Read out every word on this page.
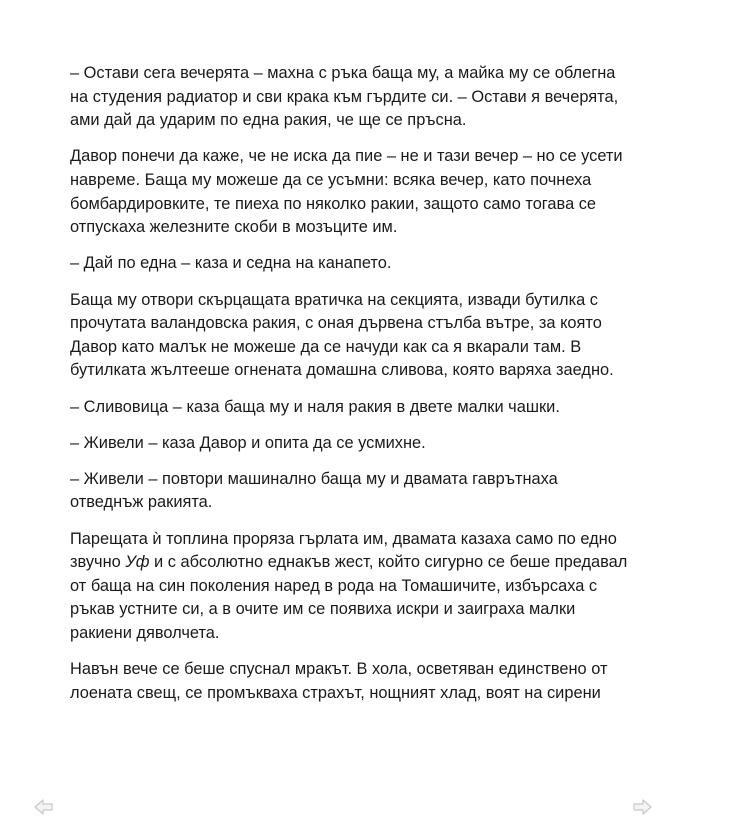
– Остави сега вечерята – махна с ръка баща му, а майка му се облегна на студения радиатор и сви крака към гърдите си. – Остави я вечерята, ами дай да ударим по една ракия, че ще се пръсна.

Давор понечи да каже, че не иска да пие – не и тази вечер – но се усети навреме. Баща му можеше да се усъмни: всяка вечер, като почнеха бомбардировките, те пиеха по няколко ракии, защото само тогава се отпускаха железните скоби в мозъците им.

– Дай по една – каза и седна на канапето.

Баща му отвори скърцащата вратичка на секцията, извади бутилка с прочутата валандовска ракия, с оная дървена стълба вътре, за която Давор като малък не можеше да се начуди как са я вкарали там. В бутилката жълтееше огнената домашна сливова, която варяха заедно.

– Сливовица – каза баща му и наля ракия в двете малки чашки.

– Живели – каза Давор и опита да се усмихне.

– Живели – повтори машинално баща му и двамата гаврътнаха отведнъж ракията.

Парещата ѝ топлина прорязa гърлата им, двамата казаха само по едно звучно Уф и с абсолютно еднакъв жест, който сигурно се беше предавал от баща на син поколения наред в рода на Томашичите, избърсаха с ръкав устните си, а в очите им се появиха искри и заиграха малки ракиени дяволчета.

Навън вече се беше спуснал мракът. В хола, осветяван единствено от лоената свещ, се промъкваха страхът, нощният хлад, воят на сирени
